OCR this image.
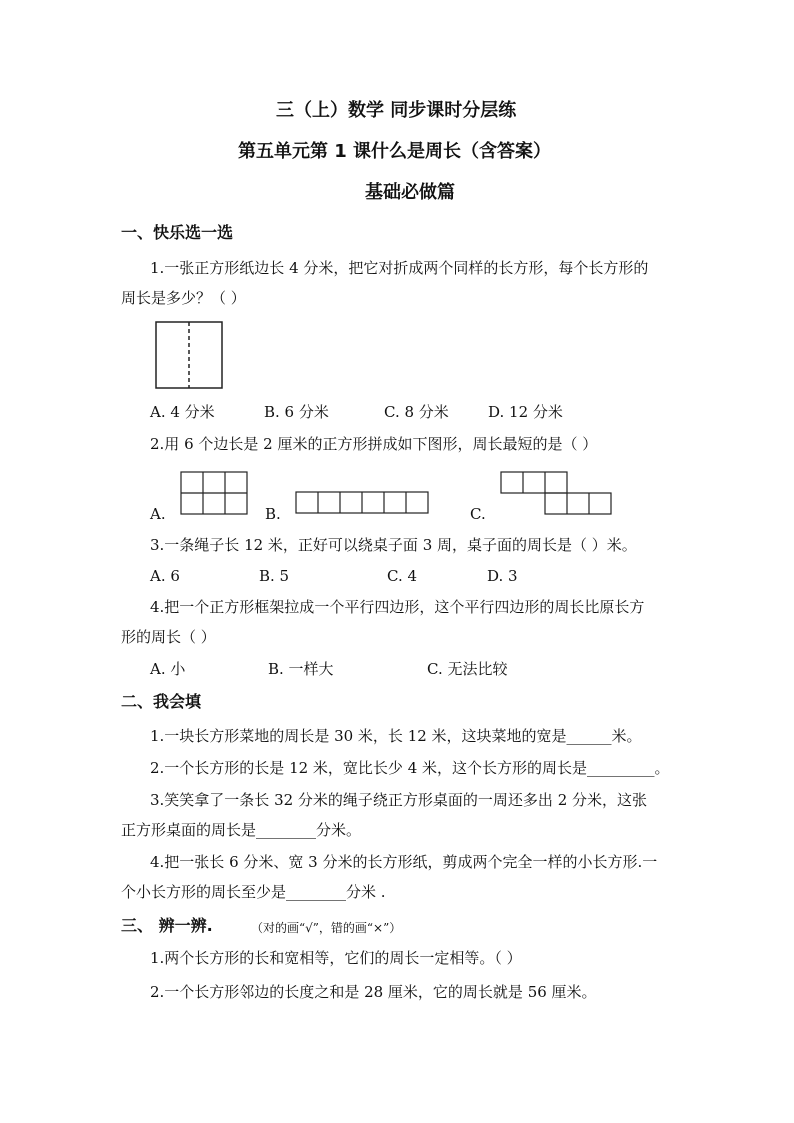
三（上）数学 同步课时分层练
第五单元第 1 课什么是周长（含答案）
基础必做篇
一、快乐选一选
1.一张正方形纸边长 4 分米，把它对折成两个同样的长方形，每个长方形的
周长是多少？（ ）
A. 4 分米	B. 6 分米	C. 8 分米	D. 12 分米
2.用 6 个边长是 2 厘米的正方形拼成如下图形，周长最短的是（ ）
A.	B.	C.
3.一条绳子长 12 米，正好可以绕桌子面 3 周，桌子面的周长是（ ）米。
A. 6	B. 5	C. 4	D. 3
4.把一个正方形框架拉成一个平行四边形，这个平行四边形的周长比原长方
形的周长（ ）
A. 小	B. 一样大	C. 无法比较
二、我会填
1.一块长方形菜地的周长是 30 米，长 12 米，这块菜地的宽是______米。
2.一个长方形的长是 12 米，宽比长少 4 米，这个长方形的周长是_________。
3.笑笑拿了一条长 32 分米的绳子绕正方形桌面的一周还多出 2 分米，这张
正方形桌面的周长是________分米。
4.把一张长 6 分米、宽 3 分米的长方形纸，剪成两个完全一样的小长方形.一
个小长方形的周长至少是________分米 .
三、 辨一辨.	（对的画“√”，错的画“×”）
1.两个长方形的长和宽相等，它们的周长一定相等。（ ）
2.一个长方形邻边的长度之和是 28 厘米，它的周长就是 56 厘米。
